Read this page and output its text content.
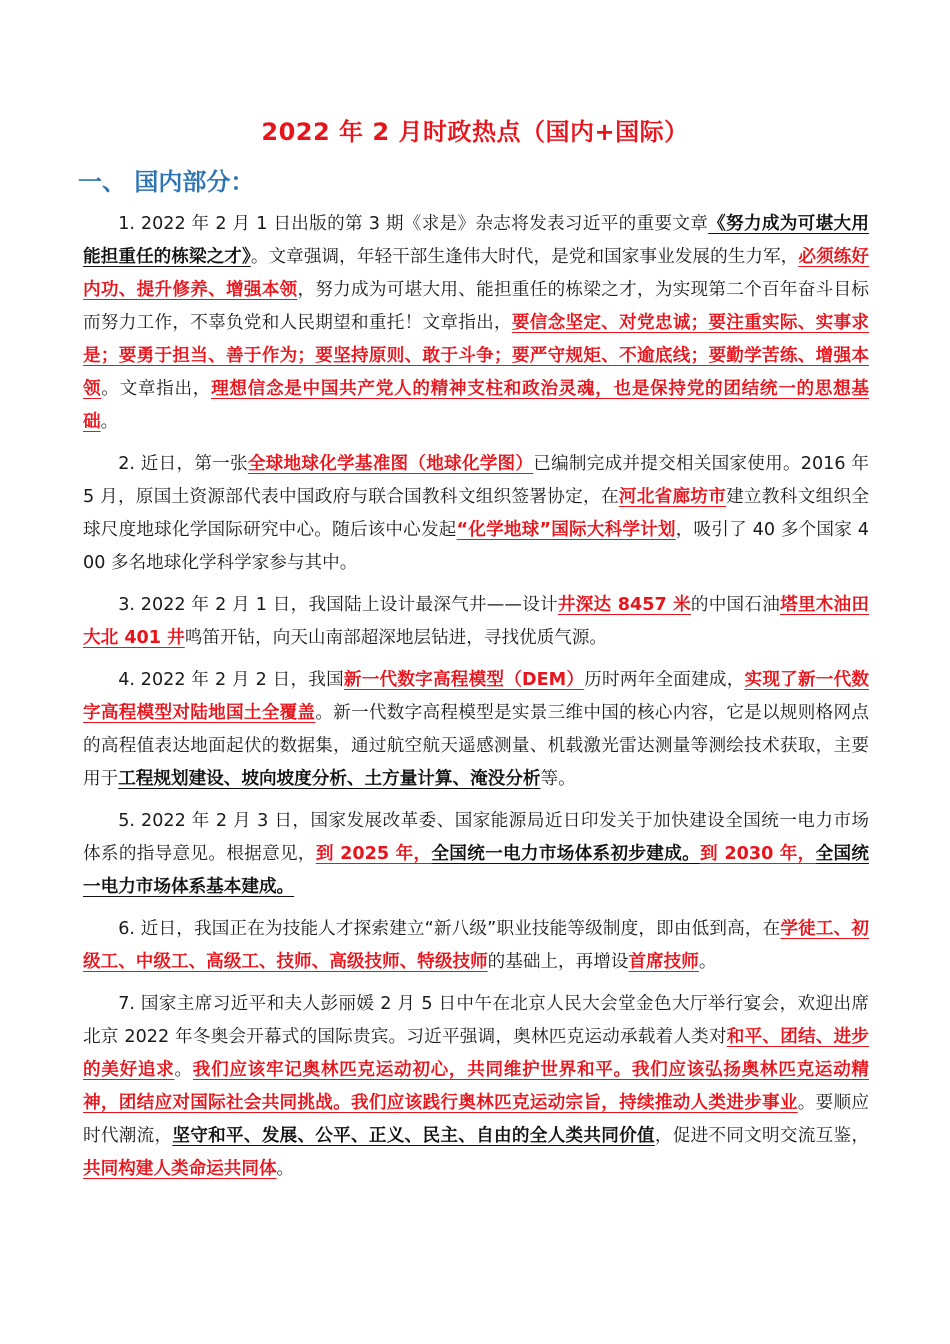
2022 年 2 月时政热点（国内+国际）
一、 国内部分：

1. 2022 年 2 月 1 日出版的第 3 期《求是》杂志将发表习近平的重要文章《努力成为可堪大用能担重任的栋梁之才》。文章强调，年轻干部生逢伟大时代，是党和国家事业发展的生力军，必须练好内功、提升修养、增强本领，努力成为可堪大用、能担重任的栋梁之才，为实现第二个百年奋斗目标而努力工作，不辜负党和人民期望和重托！文章指出，要信念坚定、对党忠诚；要注重实际、实事求是；要勇于担当、善于作为；要坚持原则、敢于斗争；要严守规矩、不逾底线；要勤学苦练、增强本领。文章指出，理想信念是中国共产党人的精神支柱和政治灵魂，也是保持党的团结统一的思想基础。

2. 近日，第一张全球地球化学基准图（地球化学图）已编制完成并提交相关国家使用。2016 年 5 月，原国土资源部代表中国政府与联合国教科文组织签署协定，在河北省廊坊市建立教科文组织全球尺度地球化学国际研究中心。随后该中心发起“化学地球”国际大科学计划，吸引了 40 多个国家 400 多名地球化学科学家参与其中。

3. 2022 年 2 月 1 日，我国陆上设计最深气井——设计井深达 8457 米的中国石油塔里木油田大北 401 井鸣笛开钻，向天山南部超深地层钻进，寻找优质气源。

4. 2022 年 2 月 2 日，我国新一代数字高程模型（DEM）历时两年全面建成，实现了新一代数字高程模型对陆地国土全覆盖。新一代数字高程模型是实景三维中国的核心内容，它是以规则格网点的高程值表达地面起伏的数据集，通过航空航天遥感测量、机载激光雷达测量等测绘技术获取，主要用于工程规划建设、坡向坡度分析、土方量计算、淹没分析等。

5. 2022 年 2 月 3 日，国家发展改革委、国家能源局近日印发关于加快建设全国统一电力市场体系的指导意见。根据意见，到 2025 年，全国统一电力市场体系初步建成。到 2030 年，全国统一电力市场体系基本建成。

6. 近日，我国正在为技能人才探索建立“新八级”职业技能等级制度，即由低到高，在学徒工、初级工、中级工、高级工、技师、高级技师、特级技师的基础上，再增设首席技师。

7. 国家主席习近平和夫人彭丽媛 2 月 5 日中午在北京人民大会堂金色大厅举行宴会，欢迎出席北京 2022 年冬奥会开幕式的国际贵宾。习近平强调，奥林匹克运动承载着人类对和平、团结、进步的美好追求。我们应该牢记奥林匹克运动初心，共同维护世界和平。我们应该弘扬奥林匹克运动精神，团结应对国际社会共同挑战。我们应该践行奥林匹克运动宗旨，持续推动人类进步事业。要顺应时代潮流，坚守和平、发展、公平、正义、民主、自由的全人类共同价值，促进不同文明交流互鉴，共同构建人类命运共同体。
